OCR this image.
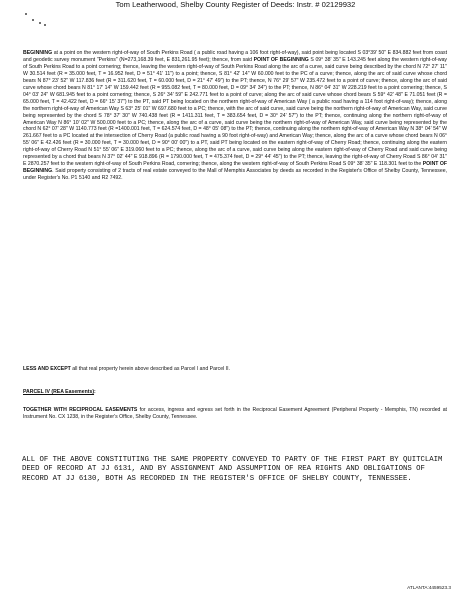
Tom Leatherwood, Shelby County Register of Deeds: Instr. # 02129932

BEGINNING at a point on the western right-of-way of South Perkins Road ( a public road having a 106 foot right-of-way), said point being located S 03°39' 50" E 834.882 feet from coast and geodetic survey monument "Perkins" (N=273,168.39 feet, E 831,261.95 feet); thence, from said POINT OF BEGINNING S 09° 38' 35" E 143.245 feet along the western right-of-way of South Perkins Road to a point cornering; thence, leaving the western right-of-way of South Perkins Road along the arc of a curve, said curve being described by the chord N 72° 27' 11" W 30.514 feet (R = 35.000 feet, T = 16.952 feet, D = 51° 41' 11") to a point; thence, S 81° 42' 14" W 60.000 feet to the PC of a curve; thence, along the arc of said curve whose chord bears N 87° 23' 52" W 117.836 feet (R = 311.620 feet, T = 60.000 feet, D = 21° 47' 49") to the PT; thence, N 76° 29' 57" W 235.472 feet to a point of curve; thence, along the arc of said curve whose chord bears N 81° 17' 14" W 159.442 feet (R = 955.082 feet, T = 80.000 feet, D = 09° 34' 34") to the PT; thence, N 86° 04' 31" W 228.219 feet to a point cornering; thence, S 04° 03' 24" W 681.945 feet to a point cornering; thence, S 26° 34' 59" E 242.771 feet to a point of curve; along the arc of said curve whose chord bears S 59° 42' 48" E 71.051 feet (R = 65.000 feet, T = 42.422 feet, D = 66° 15' 37") to the PT, said PT being located on the northern right-of-way of American Way ( a public road having a 114 foot right-of-way); thence, along the northern right-of-way of American Way S 63° 25' 01" W 697.680 feet to a PC; thence, with the arc of said curve, said curve being the northern right-of-way of American Way, said curve being represented by the chord S 78° 37' 30" W 740.438 feet (R = 1411.311 feet, T = 383.654 feet, D = 30° 24' 57") to the PT; thence, continuing along the northern right-of-way of American Way N 86° 10' 02" W 500.000 feet to a PC; thence, along the arc of a curve, said curve being the northern right-of-way of American Way, said curve being represented by the chord N 62° 07' 28" W 1140.773 feet (R =1400.001 feet, T = 624.574 feet, D = 48° 05' 08") to the PT; thence, continuing along the northern right-of-way of American Way N 38° 04' 54" W 261.667 feet to a PC located at the intersection of Cherry Road (a public road having a 90 foot right-of-way) and American Way; thence, along the arc of a curve whose chord bears N 06° 55' 06" E 42.426 feet (R = 30.000 feet, T = 30.000 feet, D = 90° 00' 00") to a PT, said PT being located on the eastern right-of-way of Cherry Road; thence, continuing along the eastern right-of-way of Cherry Road N 51° 55' 06" E 319.060 feet to a PC; thence, along the arc of a curve, said curve being along the eastern right-of-way of Cherry Road and said curve being represented by a chord that bears N 37° 02' 44" E 918.896 (R = 1790.000 feet, T = 475.374 feet, D = 29° 44' 45") to the PT; thence, leaving the right-of-way of Cherry Road S 86° 04' 31" E 2870.257 feet to the western right-of-way of South Perkins Road, cornering; thence, along the western right-of-way of South Perkins Road S 09° 38' 35" E 118.301 feet to the POINT OF BEGINNING. Said property consisting of 2 tracts of real estate conveyed to the Mall of Memphis Associates by deeds as recorded in the Register's Office of Shelby County, Tennessee, under Register's No. P1 5140 and R2 7492.

LESS AND EXCEPT all that real property herein above described as Parcel I and Parcel II.

PARCEL IV (REA Easements):

TOGETHER WITH RECIPROCAL EASEMENTS for access, ingress and egress set forth in the Reciprocal Easement Agreement (Peripheral Property - Memphis, TN) recorded at Instrument No. CX 1238, in the Register's Office, Shelby County, Tennessee.

ALL OF THE ABOVE CONSTITUTING THE SAME PROPERTY CONVEYED TO PARTY OF THE FIRST PART BY QUITCLAIM DEED OF RECORD AT JJ 6131, AND BY ASSIGNMENT AND ASSUMPTION OF REA RIGHTS AND OBLIGATIONS OF RECORD AT JJ 6130, BOTH AS RECORDED IN THE REGISTER'S OFFICE OF SHELBY COUNTY, TENNESSEE.

ATLANTA:4459523.3
